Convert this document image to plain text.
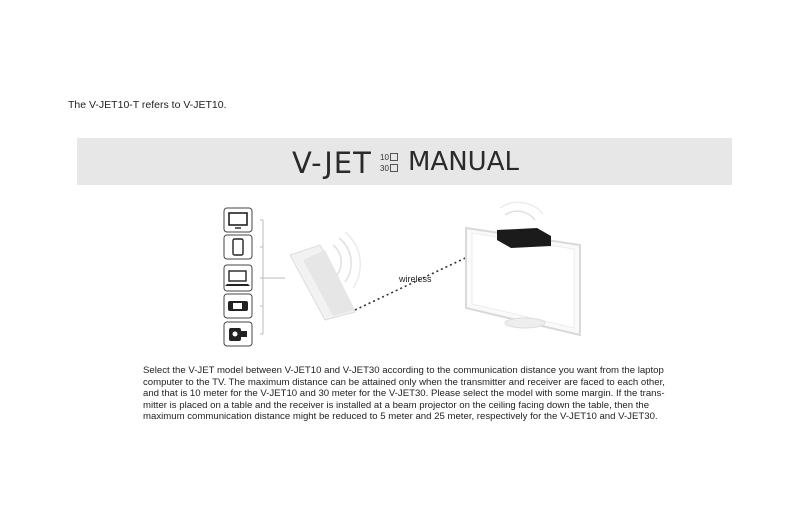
The V-JET10-T refers to V-JET10.
V-JET 10
30 MANUAL
wireless
Select the V-JET model between V-JET10 and V-JET30 according to the communication distance you want from the laptop
computer to the TV. The maximum distance can be attained only when the transmitter and receiver are faced to each other,
and that is 10 meter for the V-JET10 and 30 meter for the V-JET30. Please select the model with some margin. If the trans-
mitter is placed on a table and the receiver is installed at a beam projector on the ceiling facing down the table, then the
maximum communication distance might be reduced to 5 meter and 25 meter, respectively for the V-JET10 and V-JET30.
